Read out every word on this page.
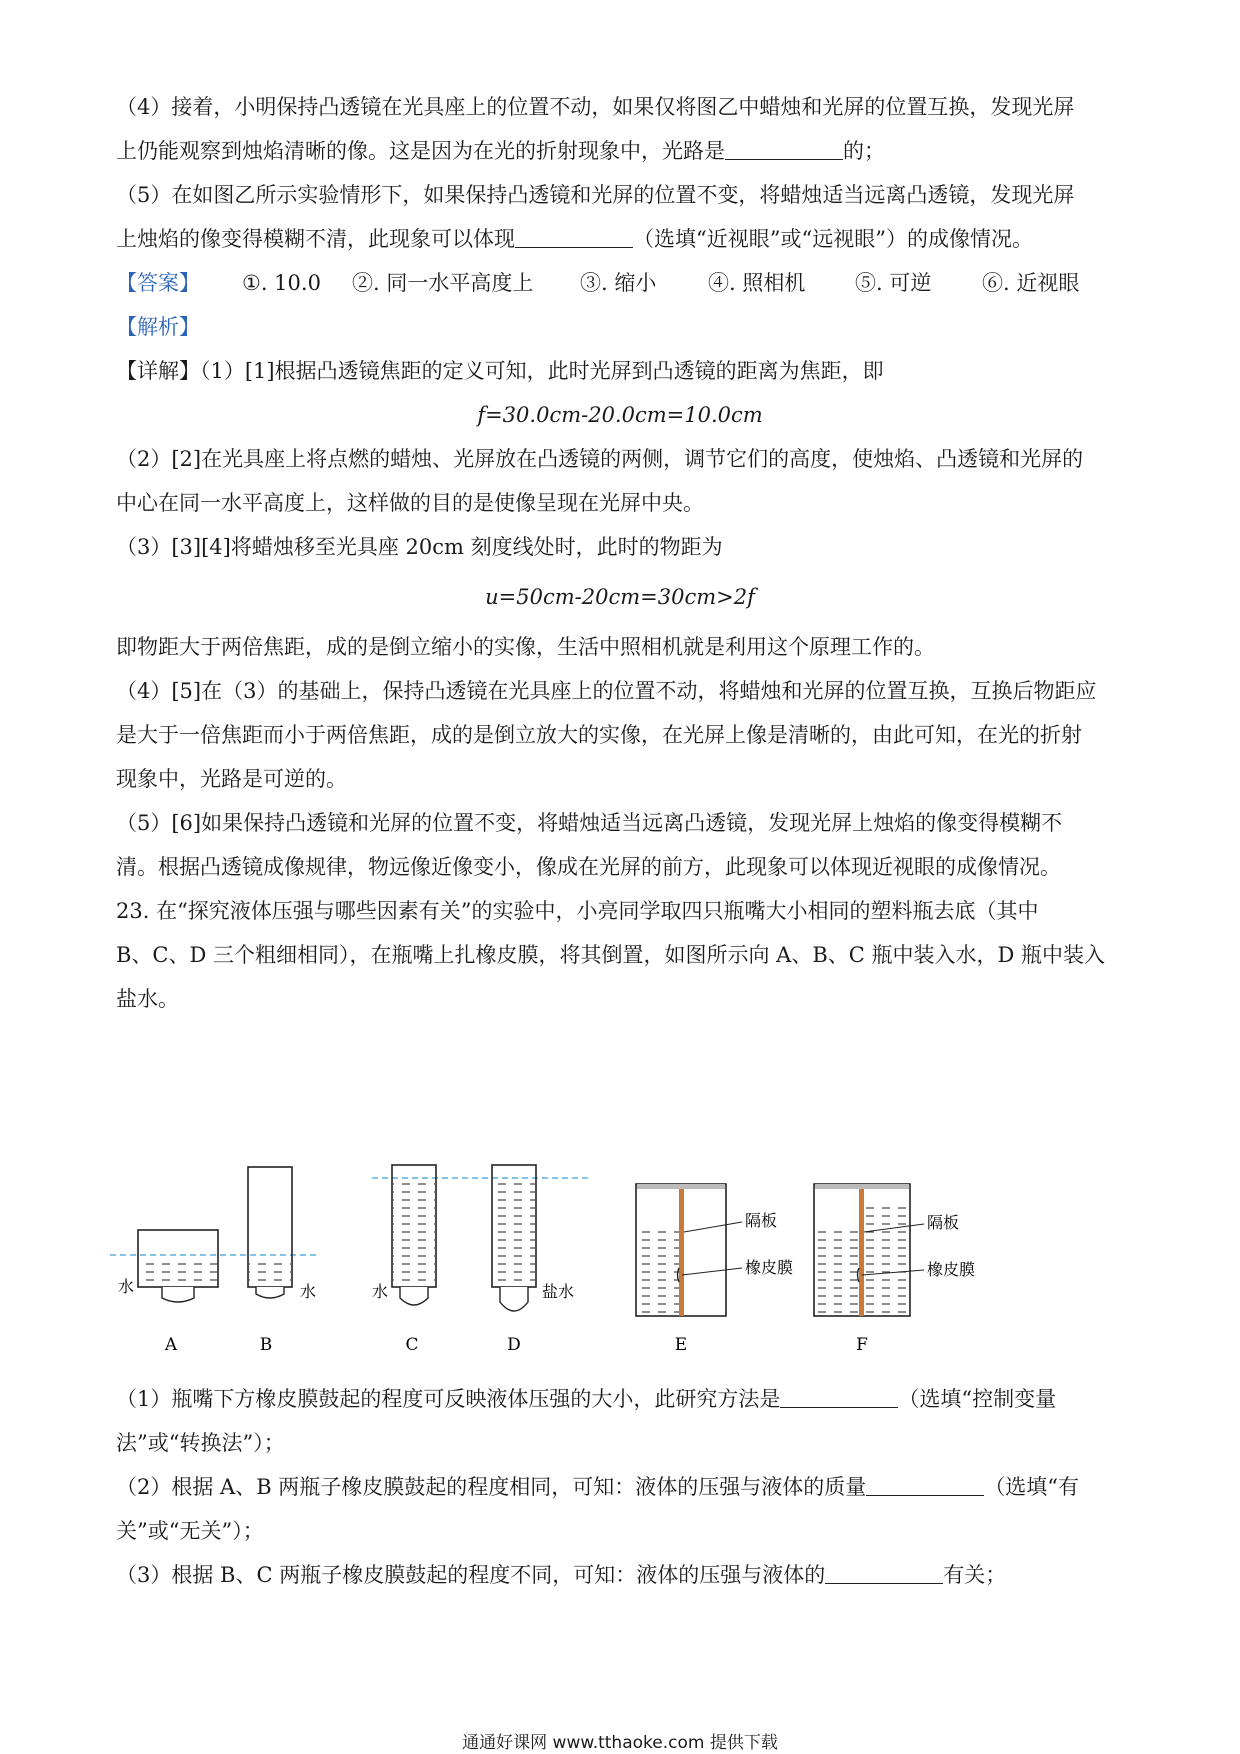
（4）接着，小明保持凸透镜在光具座上的位置不动，如果仅将图乙中蜡烛和光屏的位置互换，发现光屏
上仍能观察到烛焰清晰的像。这是因为在光的折射现象中，光路是	的；
（5）在如图乙所示实验情形下，如果保持凸透镜和光屏的位置不变，将蜡烛适当远离凸透镜，发现光屏
上烛焰的像变得模糊不清，此现象可以体现	（选填“近视眼”或“远视眼”）的成像情况。
【答案】 ①. 10.0 ②. 同一水平高度上 ③. 缩小 ④. 照相机 ⑤. 可逆 ⑥. 近视眼
【解析】
【详解】（1）[1]根据凸透镜焦距的定义可知，此时光屏到凸透镜的距离为焦距，即
f=30.0cm-20.0cm=10.0cm
（2）[2]在光具座上将点燃的蜡烛、光屏放在凸透镜的两侧，调节它们的高度，使烛焰、凸透镜和光屏的
中心在同一水平高度上，这样做的目的是使像呈现在光屏中央。
（3）[3][4]将蜡烛移至光具座 20cm 刻度线处时，此时的物距为
u=50cm-20cm=30cm>2f
即物距大于两倍焦距，成的是倒立缩小的实像，生活中照相机就是利用这个原理工作的。
（4）[5]在（3）的基础上，保持凸透镜在光具座上的位置不动，将蜡烛和光屏的位置互换，互换后物距应
是大于一倍焦距而小于两倍焦距，成的是倒立放大的实像，在光屏上像是清晰的，由此可知，在光的折射
现象中，光路是可逆的。
（5）[6]如果保持凸透镜和光屏的位置不变，将蜡烛适当远离凸透镜，发现光屏上烛焰的像变得模糊不
清。根据凸透镜成像规律，物远像近像变小，像成在光屏的前方，此现象可以体现近视眼的成像情况。
23. 在“探究液体压强与哪些因素有关”的实验中，小亮同学取四只瓶嘴大小相同的塑料瓶去底（其中
B、C、D 三个粗细相同），在瓶嘴上扎橡皮膜，将其倒置，如图所示向 A、B、C 瓶中装入水，D 瓶中装入
盐水。
水
A
水
B
水
C
盐水
D
隔板
橡皮膜
E
隔板
橡皮膜
F
（1）瓶嘴下方橡皮膜鼓起的程度可反映液体压强的大小，此研究方法是	（选填“控制变量
法”或“转换法”）；
（2）根据 A、B 两瓶子橡皮膜鼓起的程度相同，可知：液体的压强与液体的质量	（选填“有
关”或“无关”）；
（3）根据 B、C 两瓶子橡皮膜鼓起的程度不同，可知：液体的压强与液体的	有关；
通通好课网 www.tthaoke.com 提供下载
